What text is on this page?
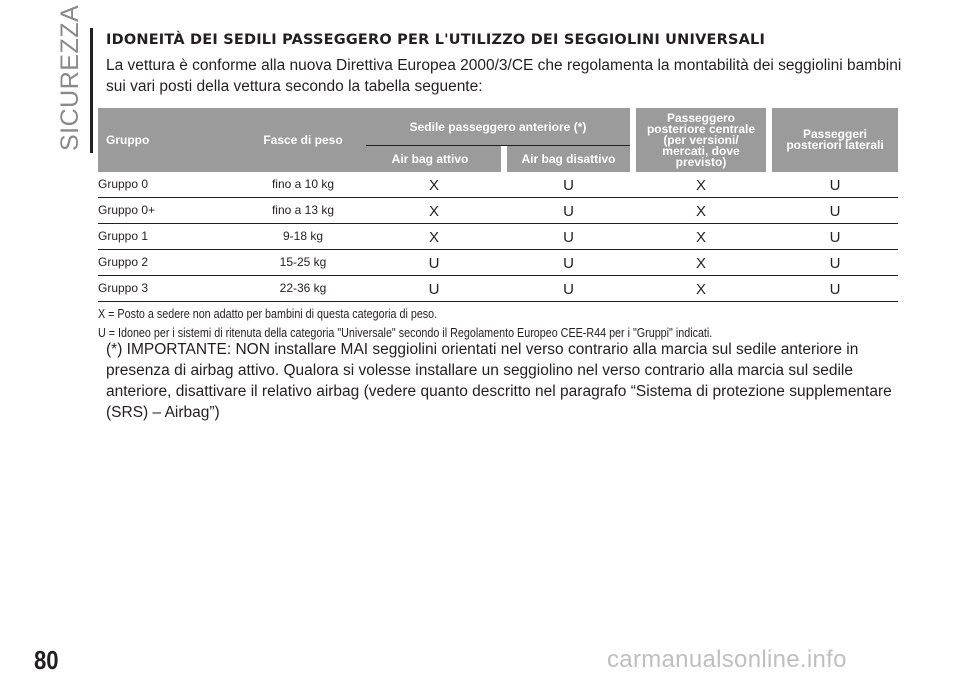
SICUREZZA IDONEITÀ DEI SEDILI PASSEGGERO PER L'UTILIZZO DEI SEGGIOLINI UNIVERSALI
La vettura è conforme alla nuova Direttiva Europea 2000/3/CE che regolamenta la montabilità dei seggiolini bambini sui vari posti della vettura secondo la tabella seguente:
Gruppo	Fasce di peso
Sedile passeggero anteriore (*)
Air bag attivo	Air bag disattivo
Passeggero
posteriore centrale
(per versioni/
mercati, dove
previsto)
Passeggeri
posteriori laterali
Gruppo 0	fino a 10 kg	X	U	X	U
Gruppo 0+	fino a 13 kg	X	U	X	U
Gruppo 1	9-18 kg	X	U	X	U
Gruppo 2	15-25 kg	U	U	X	U
Gruppo 3	22-36 kg	U	U	X	U
X = Posto a sedere non adatto per bambini di questa categoria di peso.
U = Idoneo per i sistemi di ritenuta della categoria "Universale" secondo il Regolamento Europeo CEE-R44 per i "Gruppi" indicati.
(*) IMPORTANTE: NON installare MAI seggiolini orientati nel verso contrario alla marcia sul sedile anteriore in presenza di airbag attivo. Qualora si volesse installare un seggiolino nel verso contrario alla marcia sul sedile anteriore, disattivare il relativo airbag (vedere quanto descritto nel paragrafo “Sistema di protezione supplementare (SRS) – Airbag”)
80	carmanualsonline.info
